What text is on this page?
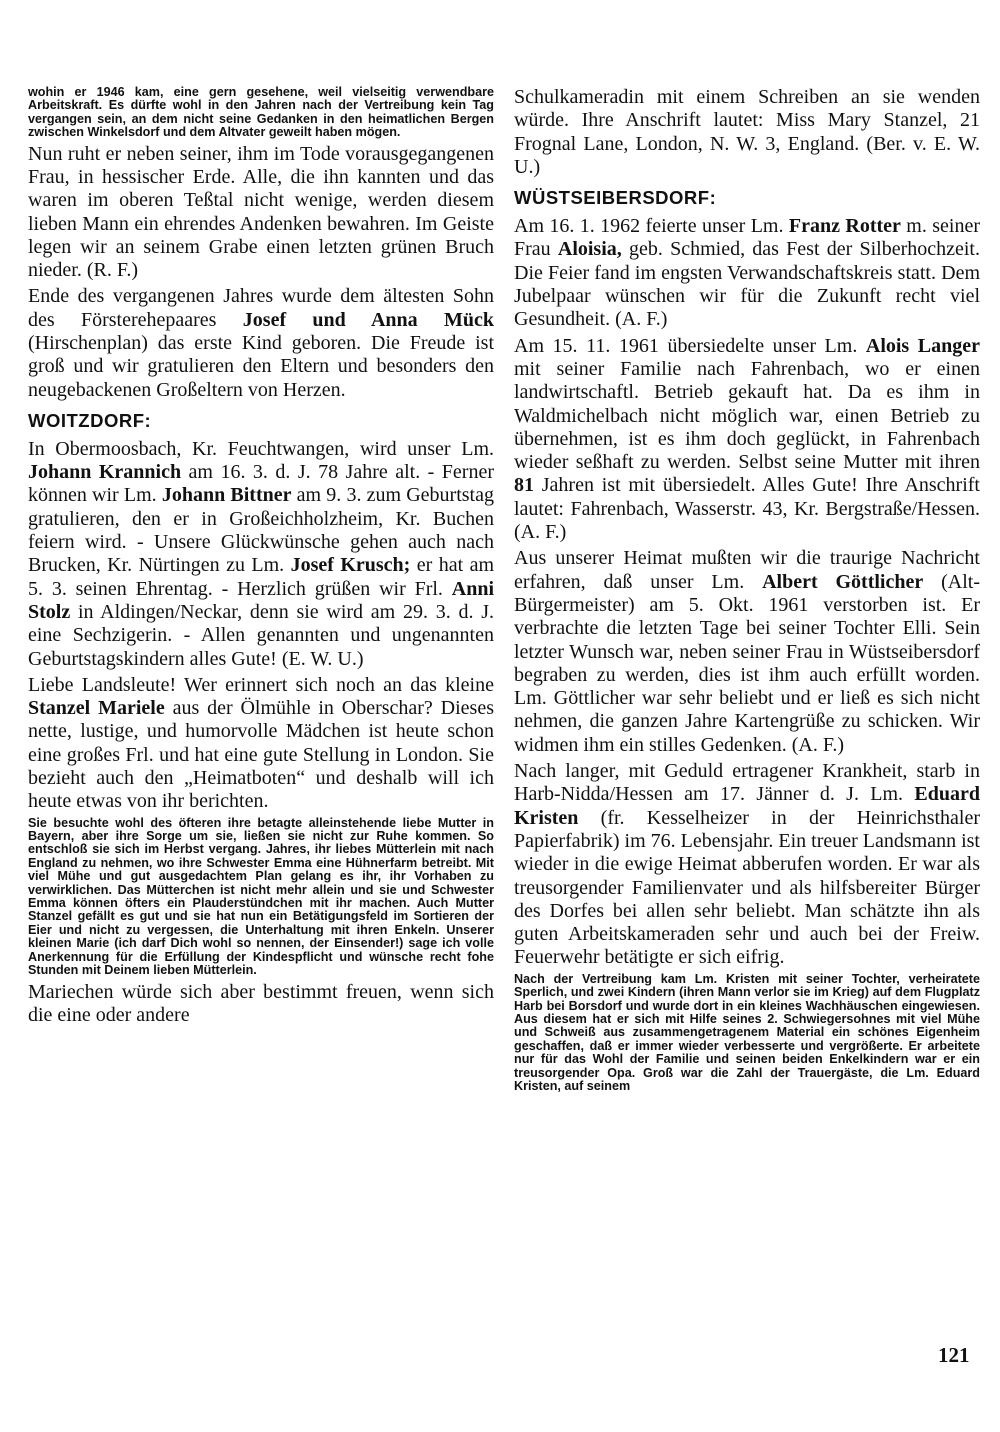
wohin er 1946 kam, eine gern gesehene, weil vielseitig verwendbare Arbeitskraft. Es dürfte wohl in den Jahren nach der Vertreibung kein Tag vergangen sein, an dem nicht seine Gedanken in den heimatlichen Bergen zwischen Winkelsdorf und dem Altvater geweilt haben mögen.

Nun ruht er neben seiner, ihm im Tode vorausgegangenen Frau, in hessischer Erde. Alle, die ihn kannten und das waren im oberen Teßtal nicht wenige, werden diesem lieben Mann ein ehrendes Andenken bewahren. Im Geiste legen wir an seinem Grabe einen letzten grünen Bruch nieder. (R. F.)

Ende des vergangenen Jahres wurde dem ältesten Sohn des Försterehepaares Josef und Anna Mück (Hirschenplan) das erste Kind geboren. Die Freude ist groß und wir gratulieren den Eltern und besonders den neugebackenen Großeltern von Herzen.

WOITZDORF:

In Obermoosbach, Kr. Feuchtwangen, wird unser Lm. Johann Krannich am 16. 3. d. J. 78 Jahre alt. - Ferner können wir Lm. Johann Bittner am 9. 3. zum Geburtstag gratulieren, den er in Großeichholzheim, Kr. Buchen feiern wird. - Unsere Glückwünsche gehen auch nach Brucken, Kr. Nürtingen zu Lm. Josef Krusch; er hat am 5. 3. seinen Ehrentag. - Herzlich grüßen wir Frl. Anni Stolz in Aldingen/Neckar, denn sie wird am 29. 3. d. J. eine Sechzigerin. - Allen genannten und ungenannten Geburtstagskindern alles Gute! (E. W. U.)

Liebe Landsleute! Wer erinnert sich noch an das kleine Stanzel Mariele aus der Ölmühle in Oberschar? Dieses nette, lustige, und humorvolle Mädchen ist heute schon eine großes Frl. und hat eine gute Stellung in London. Sie bezieht auch den „Heimatboten“ und deshalb will ich heute etwas von ihr berichten.

Sie besuchte wohl des öfteren ihre betagte alleinstehende liebe Mutter in Bayern, aber ihre Sorge um sie, ließen sie nicht zur Ruhe kommen. So entschloß sie sich im Herbst vergang. Jahres, ihr liebes Mütterlein mit nach England zu nehmen, wo ihre Schwester Emma eine Hühnerfarm betreibt. Mit viel Mühe und gut ausgedachtem Plan gelang es ihr, ihr Vorhaben zu verwirklichen. Das Mütterchen ist nicht mehr allein und sie und Schwester Emma können öfters ein Plauderstündchen mit ihr machen. Auch Mutter Stanzel gefällt es gut und sie hat nun ein Betätigungsfeld im Sortieren der Eier und nicht zu vergessen, die Unterhaltung mit ihren Enkeln. Unserer kleinen Marie (ich darf Dich wohl so nennen, der Einsender!) sage ich volle Anerkennung für die Erfüllung der Kindespflicht und wünsche recht fohe Stunden mit Deinem lieben Mütterlein.

Mariechen würde sich aber bestimmt freuen, wenn sich die eine oder andere

Schulkameradin mit einem Schreiben an sie wenden würde. Ihre Anschrift lautet: Miss Mary Stanzel, 21 Frognal Lane, London, N. W. 3, England. (Ber. v. E. W. U.)

WÜSTSEIBERSDORF:

Am 16. 1. 1962 feierte unser Lm. Franz Rotter m. seiner Frau Aloisia, geb. Schmied, das Fest der Silberhochzeit. Die Feier fand im engsten Verwandschaftskreis statt. Dem Jubelpaar wünschen wir für die Zukunft recht viel Gesundheit. (A. F.)

Am 15. 11. 1961 übersiedelte unser Lm. Alois Langer mit seiner Familie nach Fahrenbach, wo er einen landwirtschaftl. Betrieb gekauft hat. Da es ihm in Waldmichelbach nicht möglich war, einen Betrieb zu übernehmen, ist es ihm doch geglückt, in Fahrenbach wieder seßhaft zu werden. Selbst seine Mutter mit ihren 81 Jahren ist mit übersiedelt. Alles Gute! Ihre Anschrift lautet: Fahrenbach, Wasserstr. 43, Kr. Bergstraße/Hessen. (A. F.)

Aus unserer Heimat mußten wir die traurige Nachricht erfahren, daß unser Lm. Albert Göttlicher (Alt-Bürgermeister) am 5. Okt. 1961 verstorben ist. Er verbrachte die letzten Tage bei seiner Tochter Elli. Sein letzter Wunsch war, neben seiner Frau in Wüstseibersdorf begraben zu werden, dies ist ihm auch erfüllt worden. Lm. Göttlicher war sehr beliebt und er ließ es sich nicht nehmen, die ganzen Jahre Kartengrüße zu schicken. Wir widmen ihm ein stilles Gedenken. (A. F.)

Nach langer, mit Geduld ertragener Krankheit, starb in Harb-Nidda/Hessen am 17. Jänner d. J. Lm. Eduard Kristen (fr. Kesselheizer in der Heinrichsthaler Papierfabrik) im 76. Lebensjahr. Ein treuer Landsmann ist wieder in die ewige Heimat abberufen worden. Er war als treusorgender Familienvater und als hilfsbereiter Bürger des Dorfes bei allen sehr beliebt. Man schätzte ihn als guten Arbeitskameraden sehr und auch bei der Freiw. Feuerwehr betätigte er sich eifrig.

Nach der Vertreibung kam Lm. Kristen mit seiner Tochter, verheiratete Sperlich, und zwei Kindern (ihren Mann verlor sie im Krieg) auf dem Flugplatz Harb bei Borsdorf und wurde dort in ein kleines Wachhäuschen eingewiesen. Aus diesem hat er sich mit Hilfe seines 2. Schwiegersohnes mit viel Mühe und Schweiß aus zusammengetragenem Material ein schönes Eigenheim geschaffen, daß er immer wieder verbesserte und vergrößerte. Er arbeitete nur für das Wohl der Familie und seinen beiden Enkelkindern war er ein treusorgender Opa. Groß war die Zahl der Trauergäste, die Lm. Eduard Kristen, auf seinem

121
